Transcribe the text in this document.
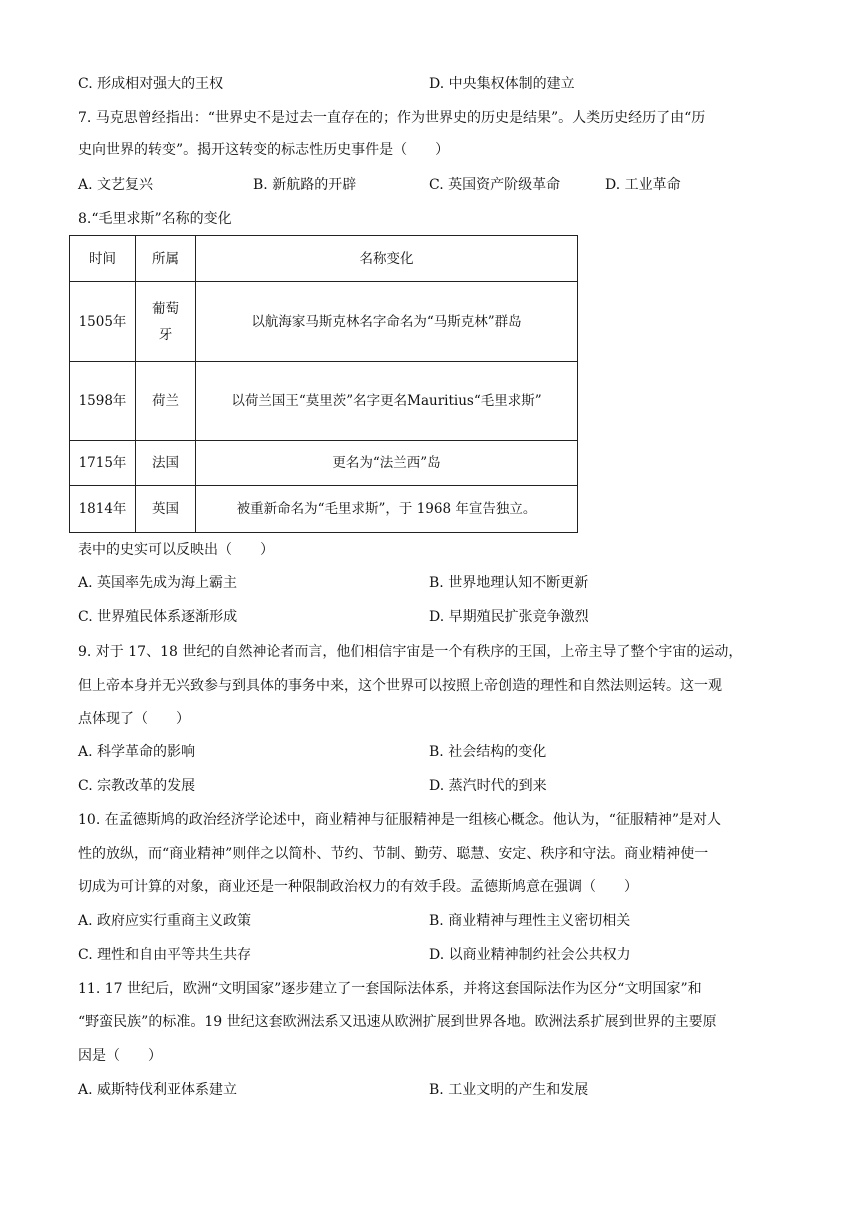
C. 形成相对强大的王权	D. 中央集权体制的建立
7. 马克思曾经指出：“世界史不是过去一直存在的；作为世界史的历史是结果”。人类历史经历了由“历
史向世界的转变”。揭开这转变的标志性历史事件是（　　）
A. 文艺复兴	B. 新航路的开辟	C. 英国资产阶级革命	D. 工业革命
8.“毛里求斯”名称的变化
时间	所属	名称变化
1505年	葡萄牙	以航海家马斯克林名字命名为“马斯克林”群岛
1598年	荷兰	以荷兰国王“莫里茨”名字更名Mauritius“毛里求斯”
1715年	法国	更名为“法兰西”岛
1814年	英国	被重新命名为“毛里求斯”，于 1968 年宣告独立。
表中的史实可以反映出（　　）
A. 英国率先成为海上霸主	B. 世界地理认知不断更新
C. 世界殖民体系逐渐形成	D. 早期殖民扩张竞争激烈
9. 对于 17、18 世纪的自然神论者而言，他们相信宇宙是一个有秩序的王国，上帝主导了整个宇宙的运动，
但上帝本身并无兴致参与到具体的事务中来，这个世界可以按照上帝创造的理性和自然法则运转。这一观
点体现了（　　）
A. 科学革命的影响	B. 社会结构的变化
C. 宗教改革的发展	D. 蒸汽时代的到来
10. 在孟德斯鸠的政治经济学论述中，商业精神与征服精神是一组核心概念。他认为，“征服精神”是对人
性的放纵，而“商业精神”则伴之以简朴、节约、节制、勤劳、聪慧、安定、秩序和守法。商业精神使一
切成为可计算的对象，商业还是一种限制政治权力的有效手段。孟德斯鸠意在强调（　　）
A. 政府应实行重商主义政策	B. 商业精神与理性主义密切相关
C. 理性和自由平等共生共存	D. 以商业精神制约社会公共权力
11. 17 世纪后，欧洲“文明国家”逐步建立了一套国际法体系，并将这套国际法作为区分“文明国家”和
“野蛮民族”的标准。19 世纪这套欧洲法系又迅速从欧洲扩展到世界各地。欧洲法系扩展到世界的主要原
因是（　　）
A. 威斯特伐利亚体系建立	B. 工业文明的产生和发展
